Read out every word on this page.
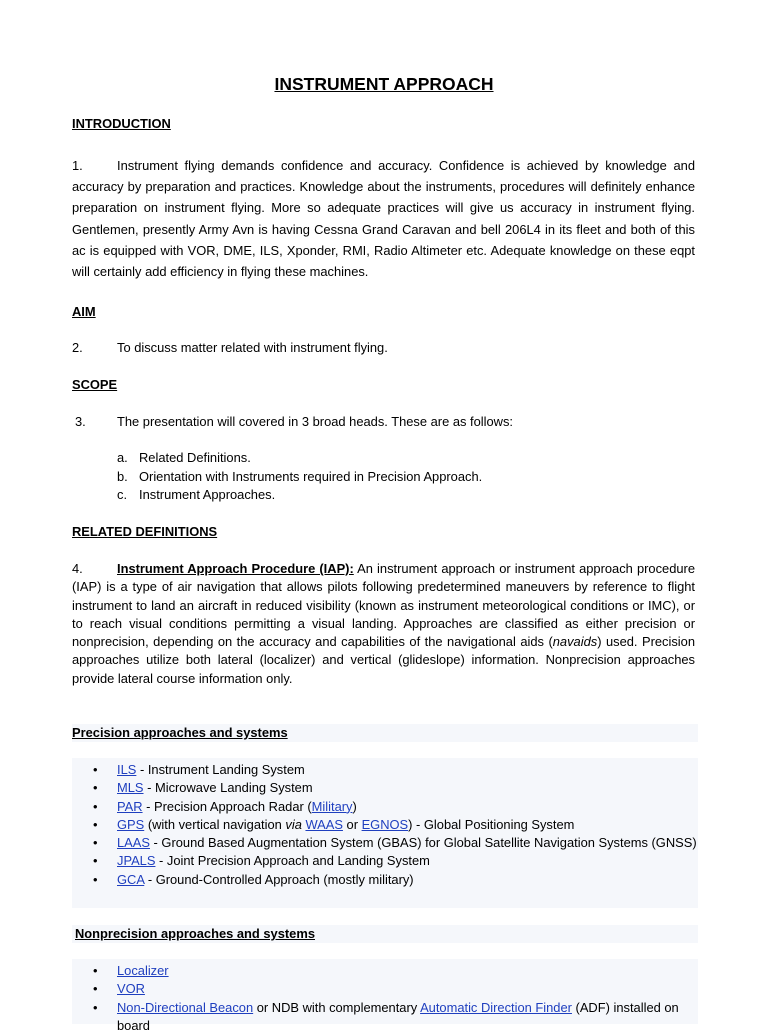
INSTRUMENT APPROACH
INTRODUCTION
1.	Instrument flying demands confidence and accuracy. Confidence is achieved by knowledge and accuracy by preparation and practices. Knowledge about the instruments, procedures will definitely enhance preparation on instrument flying. More so adequate practices will give us accuracy in instrument flying. Gentlemen, presently Army Avn is having Cessna Grand Caravan and bell 206L4 in its fleet and both of this ac is equipped with VOR, DME, ILS, Xponder, RMI, Radio Altimeter etc. Adequate knowledge on these eqpt will certainly add efficiency in flying these machines.
AIM
2.	To discuss matter related with instrument flying.
SCOPE
3. The presentation will covered in 3 broad heads. These are as follows:
a. Related Definitions.
b. Orientation with Instruments required in Precision Approach.
c. Instrument Approaches.
RELATED DEFINITIONS
4.	Instrument Approach Procedure (IAP): An instrument approach or instrument approach procedure (IAP) is a type of air navigation that allows pilots following predetermined maneuvers by reference to flight instrument to land an aircraft in reduced visibility (known as instrument meteorological conditions or IMC), or to reach visual conditions permitting a visual landing. Approaches are classified as either precision or nonprecision, depending on the accuracy and capabilities of the navigational aids (navaids) used. Precision approaches utilize both lateral (localizer) and vertical (glideslope) information. Nonprecision approaches provide lateral course information only.
Precision approaches and systems
• ILS - Instrument Landing System
• MLS - Microwave Landing System
• PAR - Precision Approach Radar (Military)
• GPS (with vertical navigation via WAAS or EGNOS) - Global Positioning System
• LAAS - Ground Based Augmentation System (GBAS) for Global Satellite Navigation Systems (GNSS)
• JPALS - Joint Precision Approach and Landing System
• GCA - Ground-Controlled Approach (mostly military)
Nonprecision approaches and systems
• Localizer
• VOR
• Non-Directional Beacon or NDB with complementary Automatic Direction Finder (ADF) installed on board
